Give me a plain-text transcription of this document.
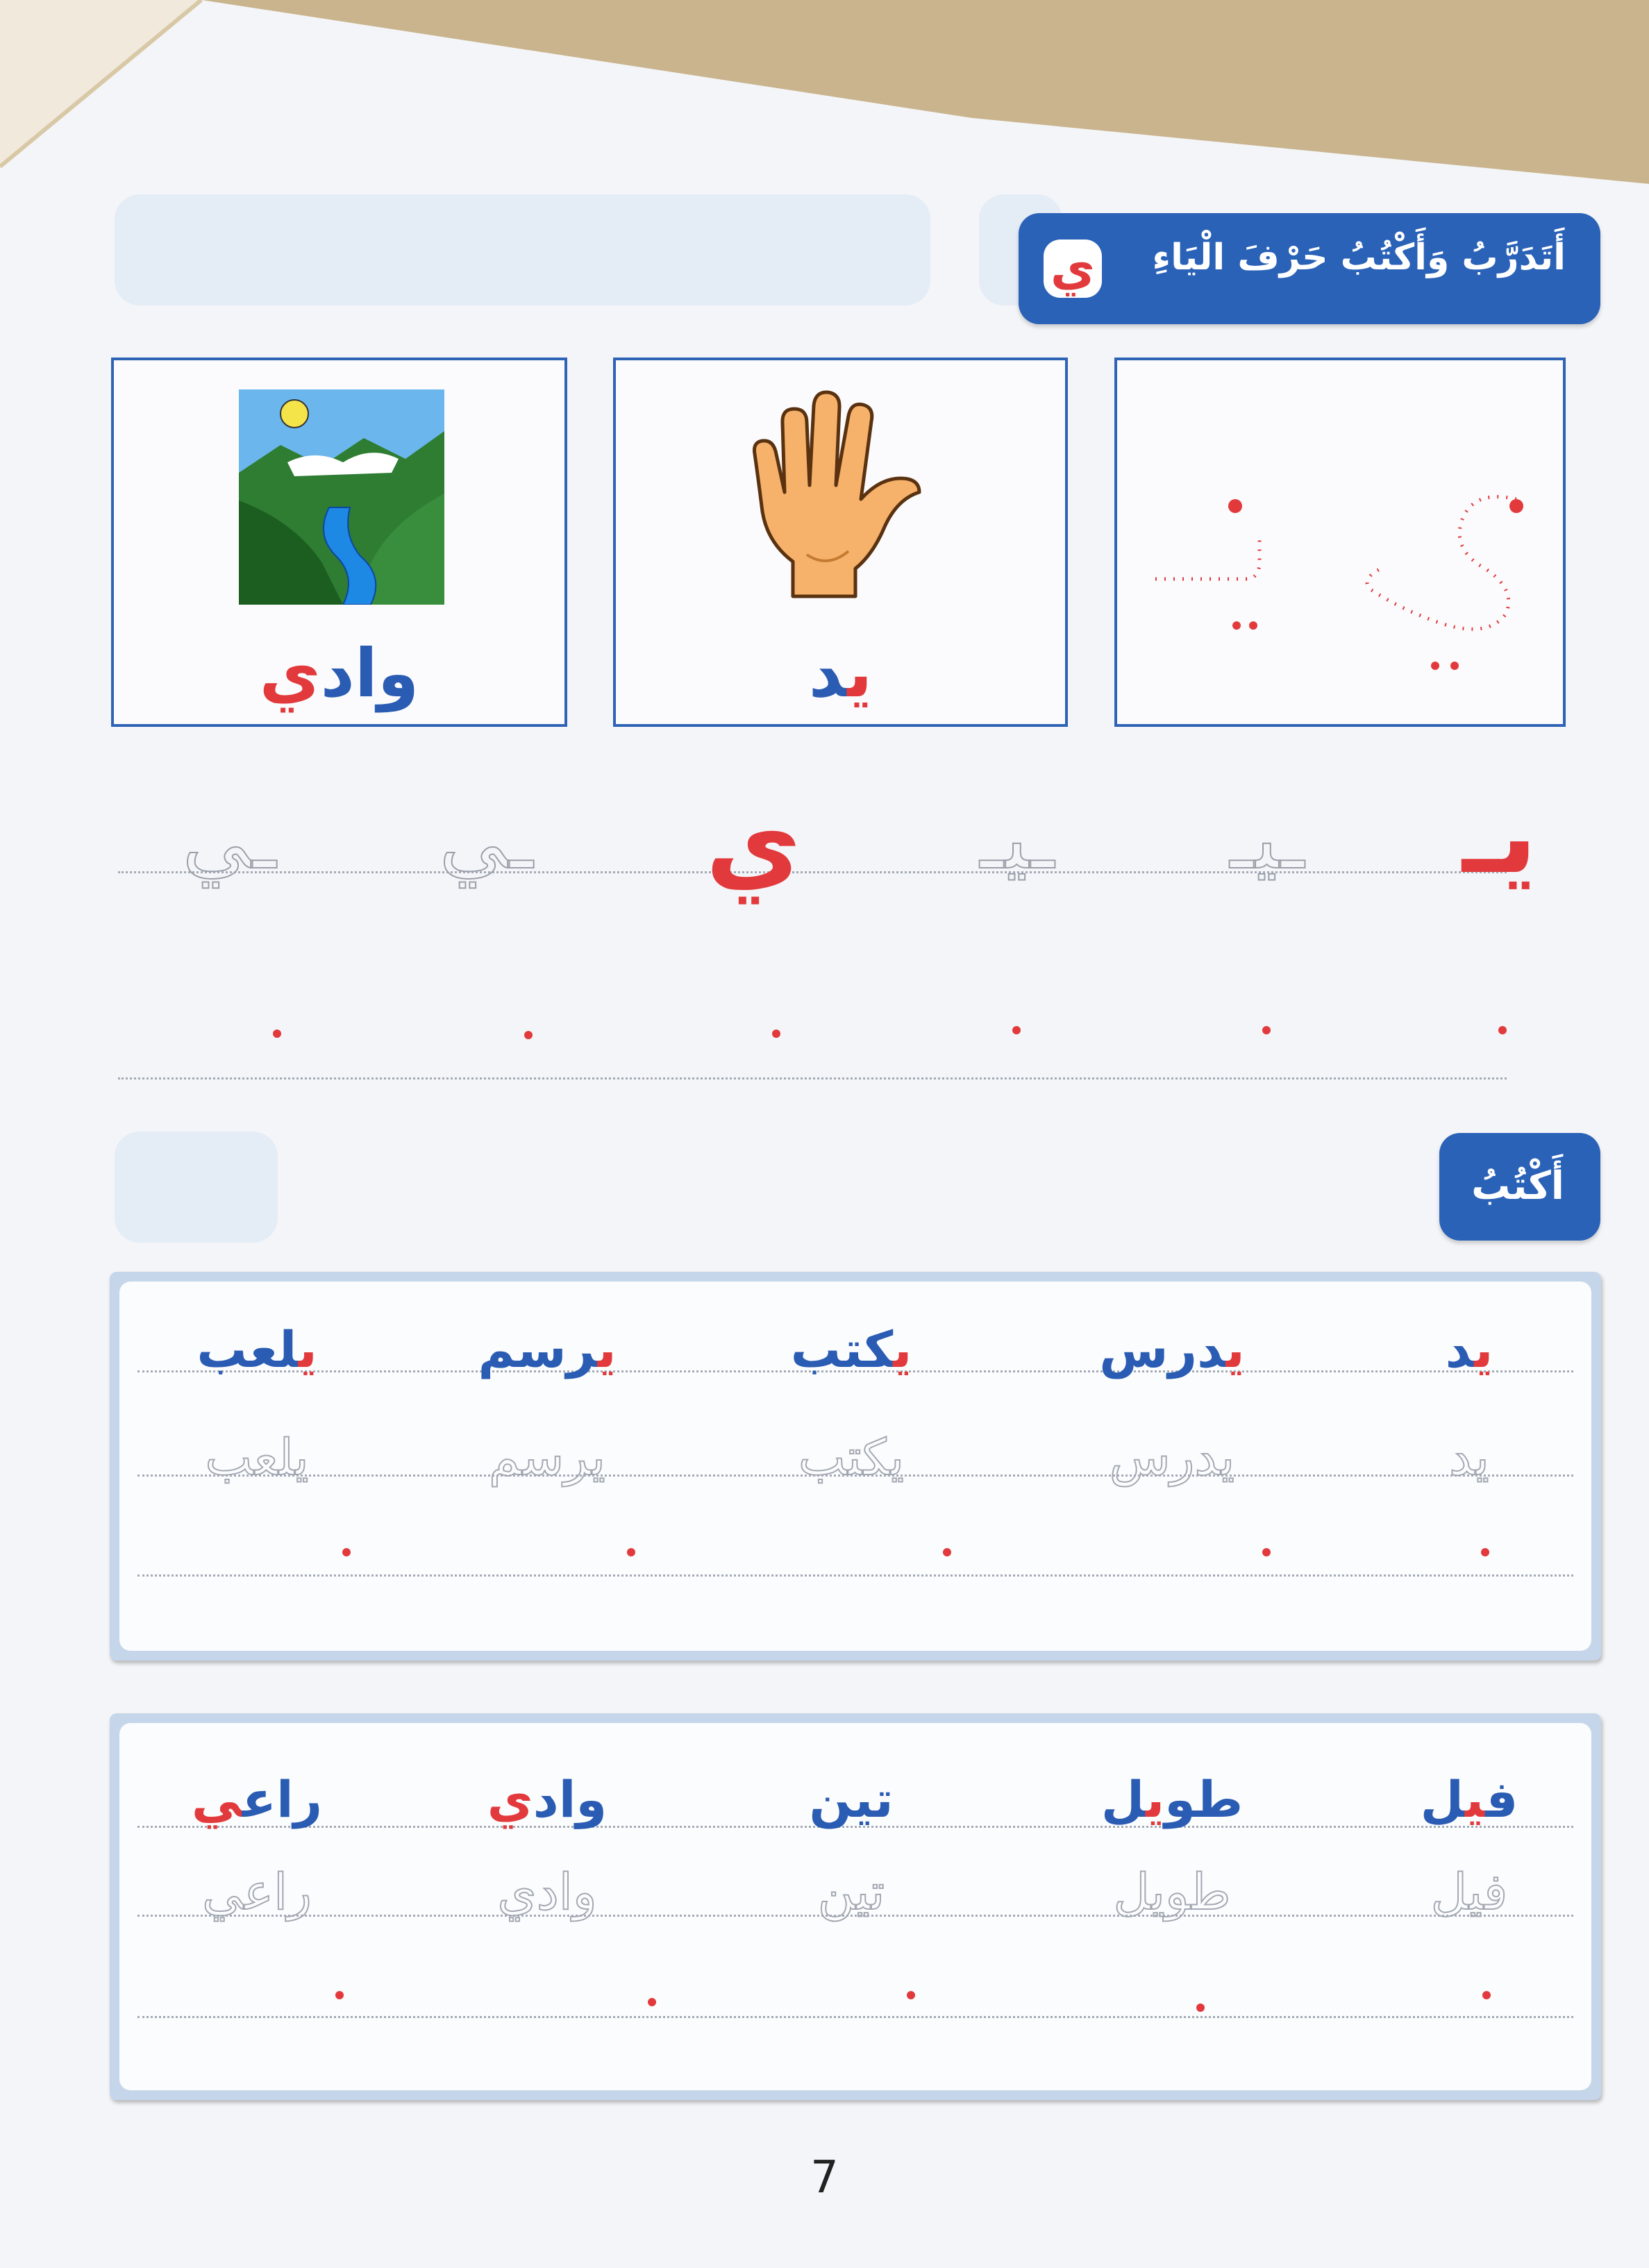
أَتَدَرَّبُ وَأَكْتُبُ حَرْفَ الْيَاءِ
ي
يد
وادي
يـ
ـيـ
ـيـ
ي
ـي
ـي
أَكْتُبُ
يد
يدرس
يكتب
يرسم
يلعب
يد
يدرس
يكتب
يرسم
يلعب
فيل
طويل
تين
وادي
راعي
فيل
طويل
تين
وادي
راعي
7
